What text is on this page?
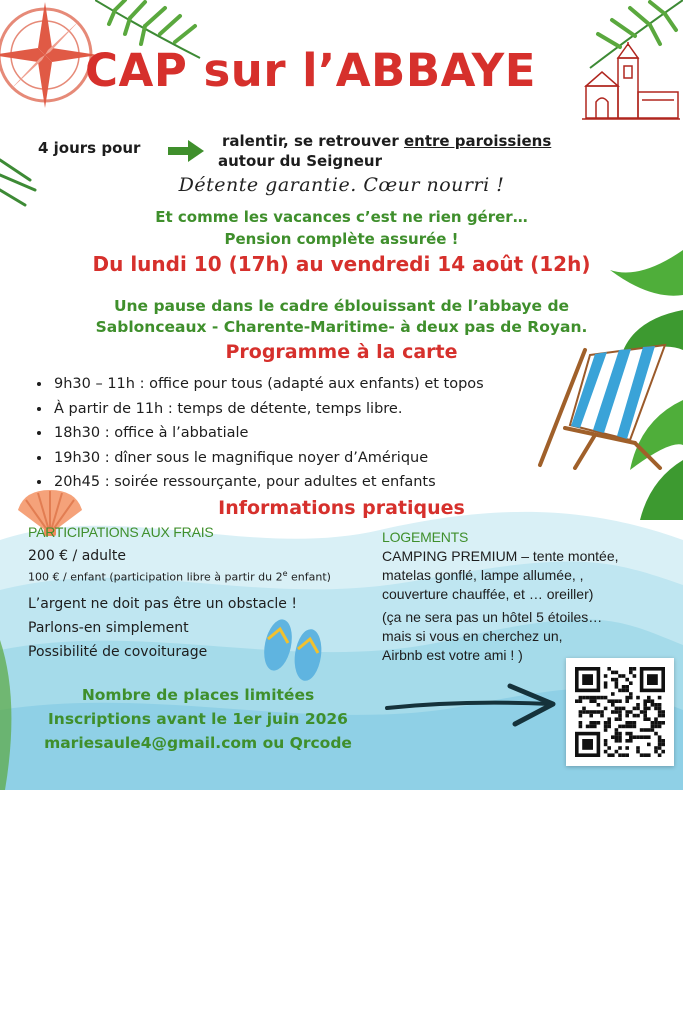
CAP sur l’ABBAYE
4 jours pour	ralentir, se retrouver entre paroissiens
autour du Seigneur
Détente garantie. Cœur nourri !
Et comme les vacances c’est ne rien gérer…
Pension complète assurée !
Du lundi 10 (17h) au vendredi 14 août (12h)
Une pause dans le cadre éblouissant de l’abbaye de
Sablonceaux - Charente-Maritime- à deux pas de Royan.
Programme à la carte
• 9h30 – 11h : office pour tous (adapté aux enfants) et topos
• À partir de 11h : temps de détente, temps libre.
• 18h30 : office à l’abbatiale
• 19h30 : dîner sous le magnifique noyer d’Amérique
• 20h45 : soirée ressourçante, pour adultes et enfants
Informations pratiques
PARTICIPATIONS AUX FRAIS
200 € / adulte
100 € / enfant (participation libre à partir du 2e enfant)
L’argent ne doit pas être un obstacle !
Parlons-en simplement
Possibilité de covoiturage
LOGEMENTS
CAMPING PREMIUM – tente montée,
matelas gonflé, lampe allumée, ,
couverture chauffée, et … oreiller)
(ça ne sera pas un hôtel 5 étoiles…
mais si vous en cherchez un,
Airbnb est votre ami ! )
Nombre de places limitées
Inscriptions avant le 1er juin 2026
mariesaule4@gmail.com ou Qrcode
